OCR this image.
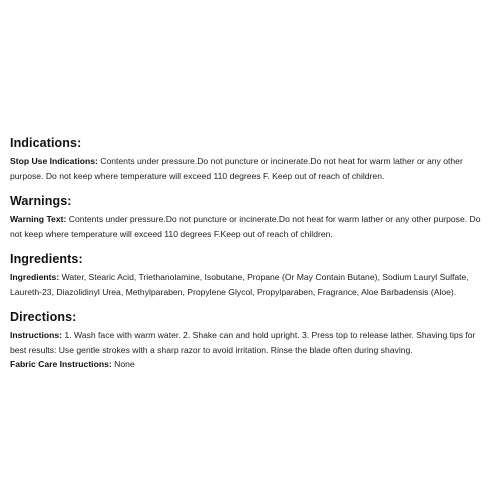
Indications:

Stop Use Indications: Contents under pressure.Do not puncture or incinerate.Do not heat for warm lather or any other purpose. Do not keep where temperature will exceed 110 degrees F. Keep out of reach of children.

Warnings:

Warning Text: Contents under pressure.Do not puncture or incinerate.Do not heat for warm lather or any other purpose. Do not keep where temperature will exceed 110 degrees F.Keep out of reach of children.

Ingredients:

Ingredients: Water, Stearic Acid, Triethanolamine, Isobutane, Propane (Or May Contain Butane), Sodium Lauryl Sulfate, Laureth-23, Diazolidinyl Urea, Methylparaben, Propylene Glycol, Propylparaben, Fragrance, Aloe Barbadensis (Aloe).

Directions:

Instructions: 1. Wash face with warm water. 2. Shake can and hold upright. 3. Press top to release lather. Shaving tips for best results: Use gentle strokes with a sharp razor to avoid irritation. Rinse the blade often during shaving.

Fabric Care Instructions: None
